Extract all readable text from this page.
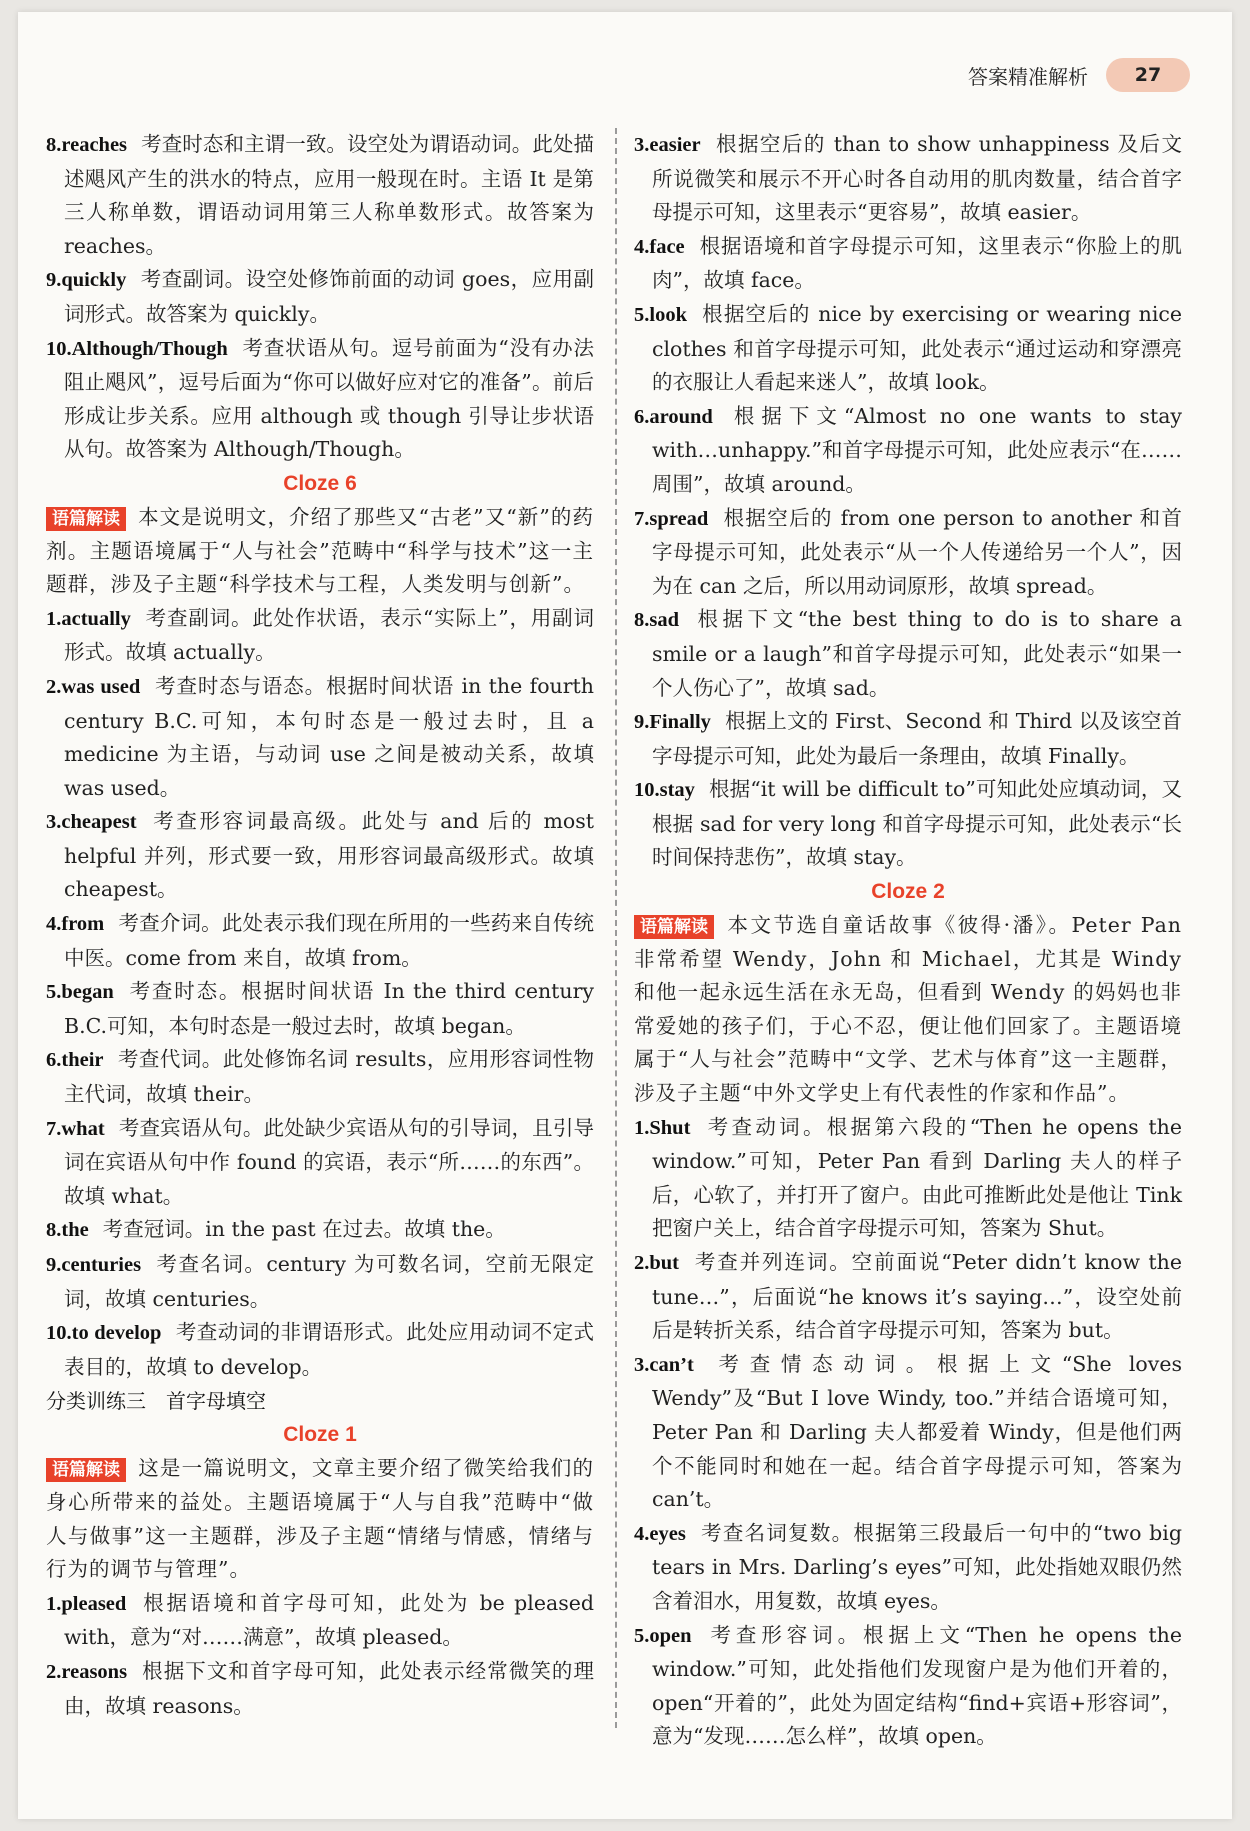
答案精准解析	27
8.reaches 考查时态和主谓一致。设空处为谓语动词。此处描述飓风产生的洪水的特点，应用一般现在时。主语 It 是第三人称单数，谓语动词用第三人称单数形式。故答案为 reaches。
9.quickly 考查副词。设空处修饰前面的动词 goes，应用副词形式。故答案为 quickly。
10.Although/Though 考查状语从句。逗号前面为“没有办法阻止飓风”，逗号后面为“你可以做好应对它的准备”。前后形成让步关系。应用 although 或 though 引导让步状语从句。故答案为 Although/Though。
Cloze 6
语篇解读 本文是说明文，介绍了那些又“古老”又“新”的药剂。主题语境属于“人与社会”范畴中“科学与技术”这一主题群，涉及子主题“科学技术与工程，人类发明与创新”。
1.actually 考查副词。此处作状语，表示“实际上”，用副词形式。故填 actually。
2.was used 考查时态与语态。根据时间状语 in the fourth century B.C.可知，本句时态是一般过去时，且 a medicine 为主语，与动词 use 之间是被动关系，故填 was used。
3.cheapest 考查形容词最高级。此处与 and 后的 most helpful 并列，形式要一致，用形容词最高级形式。故填 cheapest。
4.from 考查介词。此处表示我们现在所用的一些药来自传统中医。come from 来自，故填 from。
5.began 考查时态。根据时间状语 In the third century B.C.可知，本句时态是一般过去时，故填 began。
6.their 考查代词。此处修饰名词 results，应用形容词性物主代词，故填 their。
7.what 考查宾语从句。此处缺少宾语从句的引导词，且引导词在宾语从句中作 found 的宾语，表示“所……的东西”。故填 what。
8.the 考查冠词。in the past 在过去。故填 the。
9.centuries 考查名词。century 为可数名词，空前无限定词，故填 centuries。
10.to develop 考查动词的非谓语形式。此处应用动词不定式表目的，故填 to develop。
分类训练三　首字母填空
Cloze 1
语篇解读 这是一篇说明文，文章主要介绍了微笑给我们的身心所带来的益处。主题语境属于“人与自我”范畴中“做人与做事”这一主题群，涉及子主题“情绪与情感，情绪与行为的调节与管理”。
1.pleased 根据语境和首字母可知，此处为 be pleased with，意为“对……满意”，故填 pleased。
2.reasons 根据下文和首字母可知，此处表示经常微笑的理由，故填 reasons。
3.easier 根据空后的 than to show unhappiness 及后文所说微笑和展示不开心时各自动用的肌肉数量，结合首字母提示可知，这里表示“更容易”，故填 easier。
4.face 根据语境和首字母提示可知，这里表示“你脸上的肌肉”，故填 face。
5.look 根据空后的 nice by exercising or wearing nice clothes 和首字母提示可知，此处表示“通过运动和穿漂亮的衣服让人看起来迷人”，故填 look。
6.around 根据下文“Almost no one wants to stay with…unhappy.”和首字母提示可知，此处应表示“在……周围”，故填 around。
7.spread 根据空后的 from one person to another 和首字母提示可知，此处表示“从一个人传递给另一个人”，因为在 can 之后，所以用动词原形，故填 spread。
8.sad 根据下文“the best thing to do is to share a smile or a laugh”和首字母提示可知，此处表示“如果一个人伤心了”，故填 sad。
9.Finally 根据上文的 First、Second 和 Third 以及该空首字母提示可知，此处为最后一条理由，故填 Finally。
10.stay 根据“it will be difficult to”可知此处应填动词，又根据 sad for very long 和首字母提示可知，此处表示“长时间保持悲伤”，故填 stay。
Cloze 2
语篇解读 本文节选自童话故事《彼得·潘》。Peter Pan 非常希望 Wendy，John 和 Michael，尤其是 Windy 和他一起永远生活在永无岛，但看到 Wendy 的妈妈也非常爱她的孩子们，于心不忍，便让他们回家了。主题语境属于“人与社会”范畴中“文学、艺术与体育”这一主题群，涉及子主题“中外文学史上有代表性的作家和作品”。
1.Shut 考查动词。根据第六段的“Then he opens the window.”可知，Peter Pan 看到 Darling 夫人的样子后，心软了，并打开了窗户。由此可推断此处是他让 Tink 把窗户关上，结合首字母提示可知，答案为 Shut。
2.but 考查并列连词。空前面说“Peter didn’t know the tune…”，后面说“he knows it’s saying…”，设空处前后是转折关系，结合首字母提示可知，答案为 but。
3.can’t 考查情态动词。根据上文“She loves Wendy”及“But I love Windy, too.”并结合语境可知，Peter Pan 和 Darling 夫人都爱着 Windy，但是他们两个不能同时和她在一起。结合首字母提示可知，答案为 can’t。
4.eyes 考查名词复数。根据第三段最后一句中的“two big tears in Mrs. Darling’s eyes”可知，此处指她双眼仍然含着泪水，用复数，故填 eyes。
5.open 考查形容词。根据上文“Then he opens the window.”可知，此处指他们发现窗户是为他们开着的，open“开着的”，此处为固定结构“find+宾语+形容词”，意为“发现……怎么样”，故填 open。
